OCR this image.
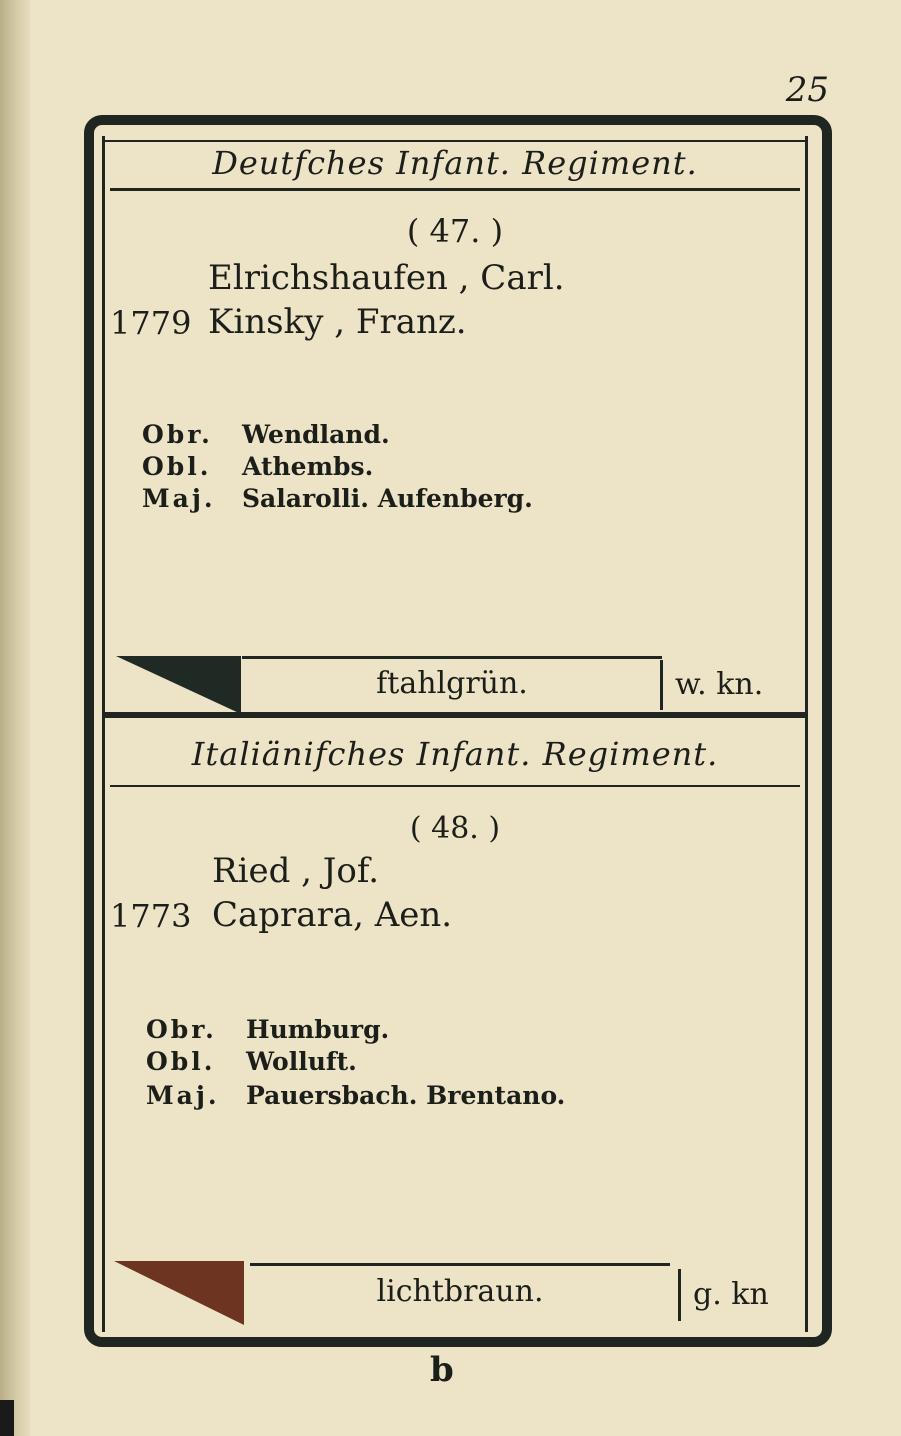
25
Deutfches Infant. Regiment.
( 47. )
Elrichshaufen , Carl.
1779 Kinsky , Franz.
Obr. Wendland.
Obl. Athembs.
Maj. Salarolli. Aufenberg.
ftahlgrün.	w. kn.
Italiänifches Infant. Regiment.
( 48. )
Ried , Jof.
1773 Caprara, Aen.
Obr. Humburg.
Obl. Wolluft.
Maj. Pauersbach. Brentano.
lichtbraun.	g. kn
b
